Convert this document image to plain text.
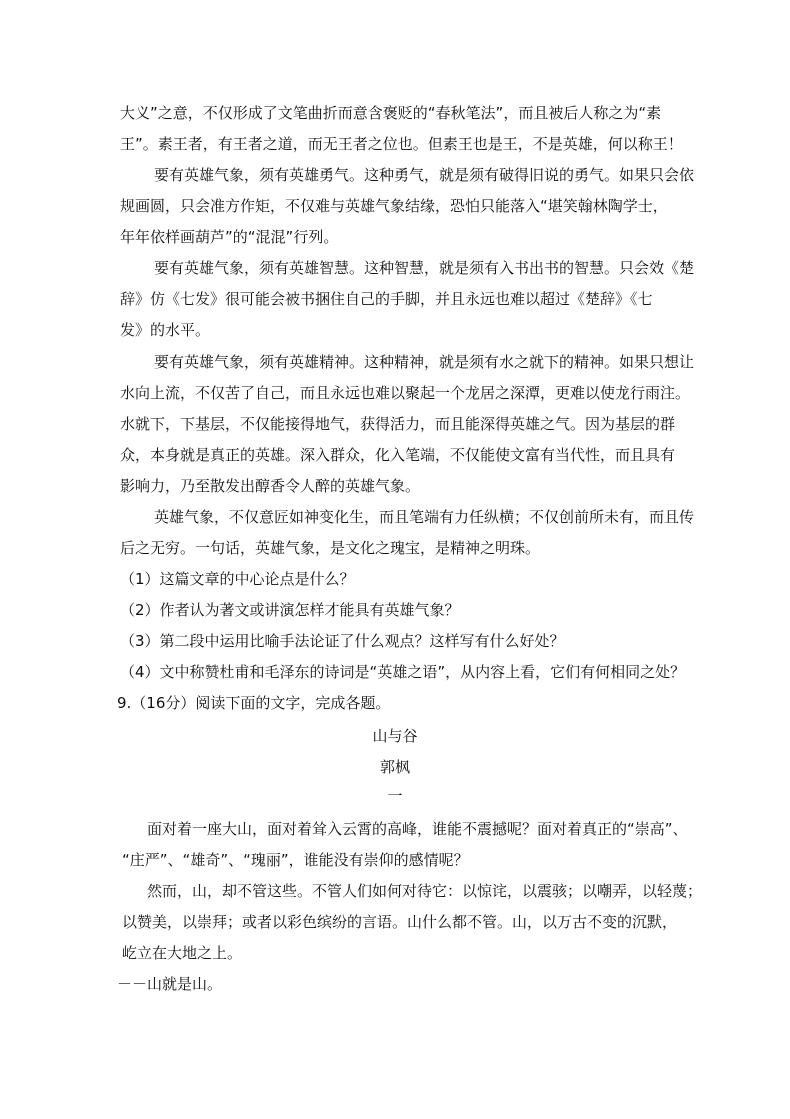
大义”之意，不仅形成了文笔曲折而意含褒贬的“春秋笔法”，而且被后人称之为“素
王”。素王者，有王者之道，而无王者之位也。但素王也是王，不是英雄，何以称王！
要有英雄气象，须有英雄勇气。这种勇气，就是须有破得旧说的勇气。如果只会依
规画圆，只会准方作矩，不仅难与英雄气象结缘，恐怕只能落入“堪笑翰林陶学士，
年年依样画葫芦”的“混混”行列。
要有英雄气象，须有英雄智慧。这种智慧，就是须有入书出书的智慧。只会效《楚
辞》仿《七发》很可能会被书捆住自己的手脚，并且永远也难以超过《楚辞》《七
发》的水平。
要有英雄气象，须有英雄精神。这种精神，就是须有水之就下的精神。如果只想让
水向上流，不仅苦了自己，而且永远也难以聚起一个龙居之深潭，更难以使龙行雨注。
水就下，下基层，不仅能接得地气，获得活力，而且能深得英雄之气。因为基层的群
众，本身就是真正的英雄。深入群众，化入笔端，不仅能使文富有当代性，而且具有
影响力，乃至散发出醇香令人醉的英雄气象。
英雄气象，不仅意匠如神变化生，而且笔端有力任纵横；不仅创前所未有，而且传
后之无穷。一句话，英雄气象，是文化之瑰宝，是精神之明珠。
（1）这篇文章的中心论点是什么？
（2）作者认为著文或讲演怎样才能具有英雄气象？
（3）第二段中运用比喻手法论证了什么观点？这样写有什么好处？
（4）文中称赞杜甫和毛泽东的诗词是“英雄之语”，从内容上看，它们有何相同之处？
9.（16分）阅读下面的文字，完成各题。
山与谷
郭枫
一
面对着一座大山，面对着耸入云霄的高峰，谁能不震撼呢？面对着真正的“崇高”、
“庄严”、“雄奇”、“瑰丽”，谁能没有崇仰的感情呢？
然而，山，却不管这些。不管人们如何对待它：以惊诧，以震骇；以嘲弄，以轻蔑；
以赞美，以崇拜；或者以彩色缤纷的言语。山什么都不管。山，以万古不变的沉默，
屹立在大地之上。
－－山就是山。
